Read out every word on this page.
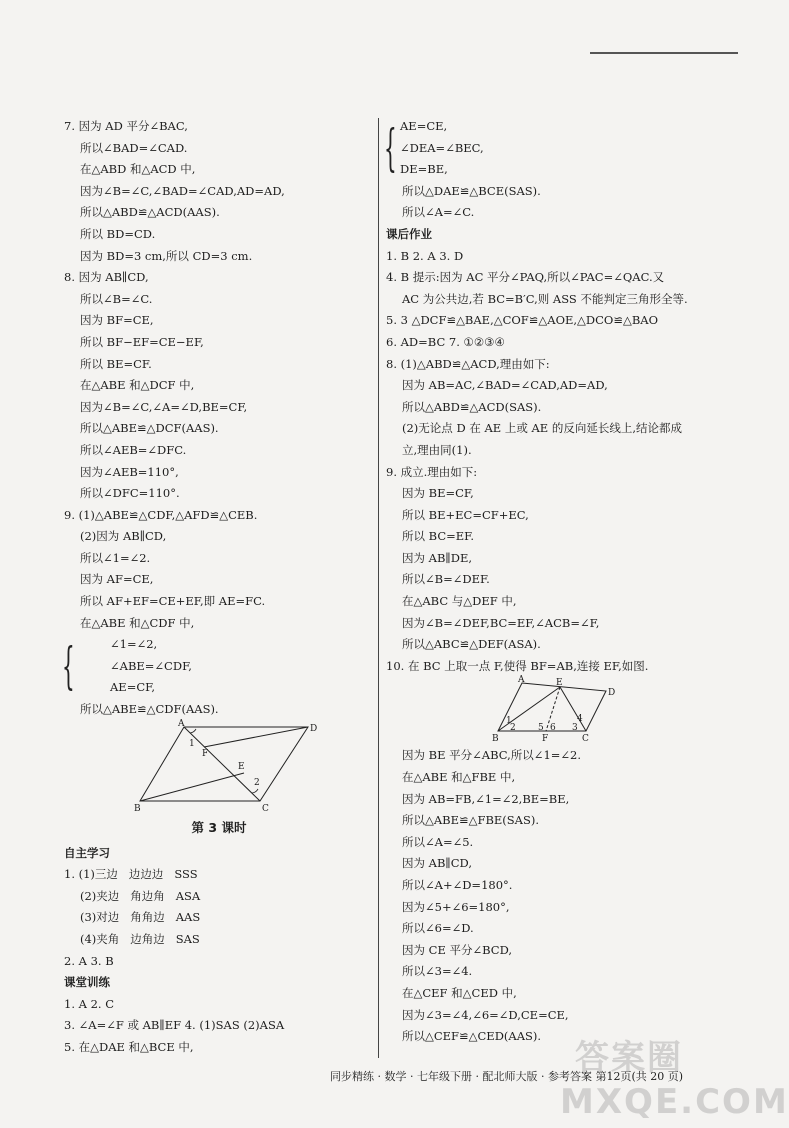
7. 因为 AD 平分∠BAC,
所以∠BAD=∠CAD.
在△ABD 和△ACD 中,
因为∠B=∠C,∠BAD=∠CAD,AD=AD,
所以△ABD≌△ACD(AAS).
所以 BD=CD.
因为 BD=3 cm,所以 CD=3 cm.
8. 因为 AB∥CD,
所以∠B=∠C.
因为 BF=CE,
所以 BF−EF=CE−EF,
所以 BE=CF.
在△ABE 和△DCF 中,
因为∠B=∠C,∠A=∠D,BE=CF,
所以△ABE≌△DCF(AAS).
所以∠AEB=∠DFC.
因为∠AEB=110°,
所以∠DFC=110°.
9. (1)△ABE≌△CDF,△AFD≌△CEB.
(2)因为 AB∥CD,
所以∠1=∠2.
因为 AF=CE,
所以 AF+EF=CE+EF,即 AE=FC.
在△ABE 和△CDF 中,
{	∠1=∠2,
∠ABE=∠CDF,
AE=CF,
所以△ABE≌△CDF(AAS).
A	D
B	C
F
E
1
2
第 3 课时
自主学习
1. (1)三边 边边边 SSS
(2)夹边 角边角 ASA
(3)对边 角角边 AAS
(4)夹角 边角边 SAS
2. A 3. B
课堂训练
1. A 2. C
3. ∠A=∠F 或 AB∥EF 4. (1)SAS (2)ASA
5. 在△DAE 和△BCE 中,
{ AE=CE,
∠DEA=∠BEC,
DE=BE,
所以△DAE≌△BCE(SAS).
所以∠A=∠C.
课后作业
1. B 2. A 3. D
4. B 提示:因为 AC 平分∠PAQ,所以∠PAC=∠QAC.又
AC 为公共边,若 BC=B′C,则 ASS 不能判定三角形全等.
5. 3 △DCF≌△BAE,△COF≌△AOE,△DCO≌△BAO
6. AD=BC 7. ①②③④
8. (1)△ABD≌△ACD,理由如下:
因为 AB=AC,∠BAD=∠CAD,AD=AD,
所以△ABD≌△ACD(SAS).
(2)无论点 D 在 AE 上或 AE 的反向延长线上,结论都成
立,理由同(1).
9. 成立.理由如下:
因为 BE=CF,
所以 BE+EC=CF+EC,
所以 BC=EF.
因为 AB∥DE,
所以∠B=∠DEF.
在△ABC 与△DEF 中,
因为∠B=∠DEF,BC=EF,∠ACB=∠F,
所以△ABC≌△DEF(ASA).
10. 在 BC 上取一点 F,使得 BF=AB,连接 EF,如图.
A	E
D
B	F	C
1
2 5 6 3
4
因为 BE 平分∠ABC,所以∠1=∠2.
在△ABE 和△FBE 中,
因为 AB=FB,∠1=∠2,BE=BE,
所以△ABE≌△FBE(SAS).
所以∠A=∠5.
因为 AB∥CD,
所以∠A+∠D=180°.
因为∠5+∠6=180°,
所以∠6=∠D.
因为 CE 平分∠BCD,
所以∠3=∠4.
在△CEF 和△CED 中,
因为∠3=∠4,∠6=∠D,CE=CE,
所以△CEF≌△CED(AAS).
同步精练 · 数学 · 七年级下册 · 配北师大版 · 参考答案 第12页(共 20 页)
答案圈
MXQE.COM
